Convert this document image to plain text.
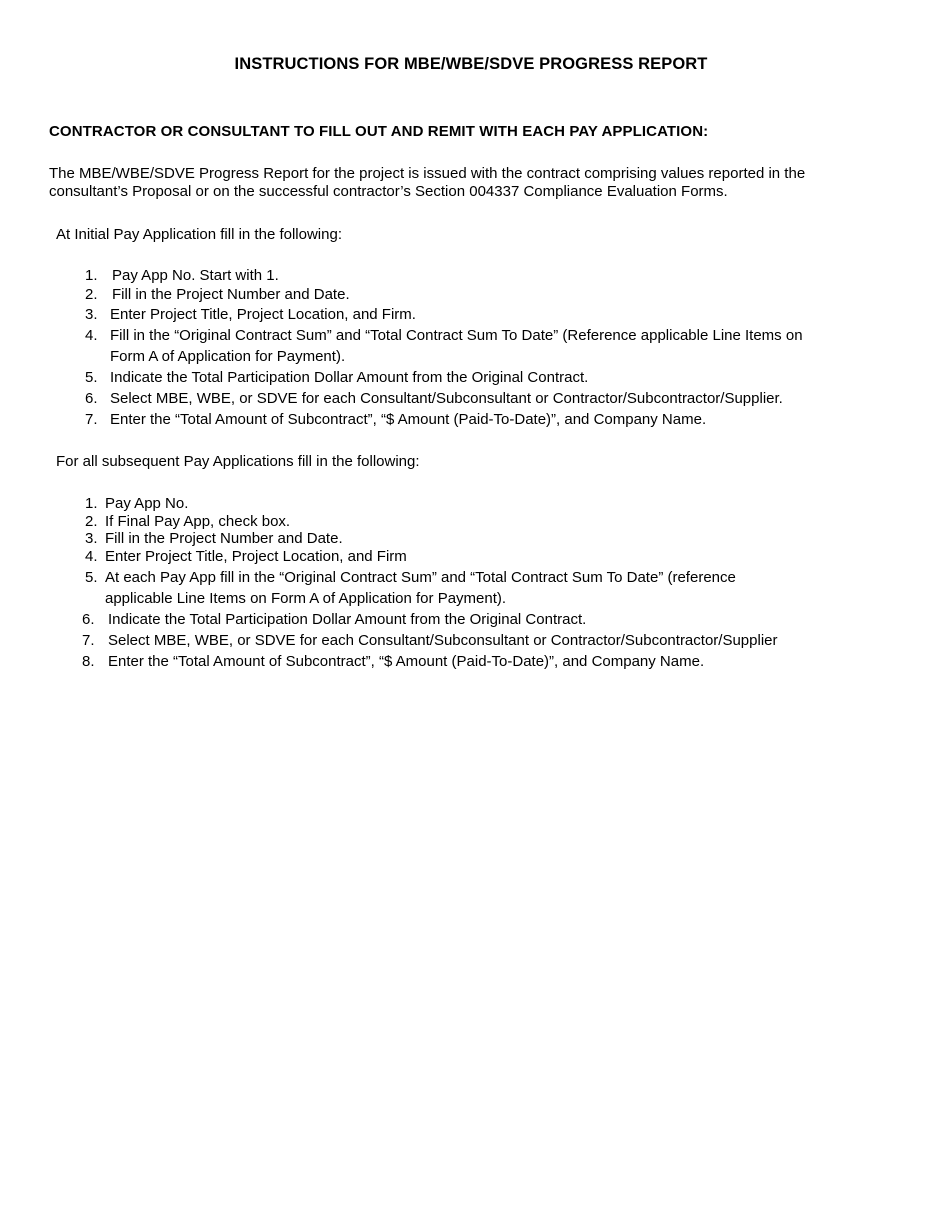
INSTRUCTIONS FOR MBE/WBE/SDVE PROGRESS REPORT
CONTRACTOR OR CONSULTANT TO FILL OUT AND REMIT WITH EACH PAY APPLICATION:
The MBE/WBE/SDVE Progress Report for the project is issued with the contract comprising values reported in the
consultant’s Proposal or on the successful contractor’s Section 004337 Compliance Evaluation Forms.
At Initial Pay Application fill in the following:
1. Pay App No. Start with 1.
2. Fill in the Project Number and Date.
3. Enter Project Title, Project Location, and Firm.
4. Fill in the “Original Contract Sum” and “Total Contract Sum To Date” (Reference applicable Line Items on
Form A of Application for Payment).
5. Indicate the Total Participation Dollar Amount from the Original Contract.
6. Select MBE, WBE, or SDVE for each Consultant/Subconsultant or Contractor/Subcontractor/Supplier.
7. Enter the “Total Amount of Subcontract”, “$ Amount (Paid-To-Date)”, and Company Name.
For all subsequent Pay Applications fill in the following:
1. Pay App No.
2. If Final Pay App, check box.
3. Fill in the Project Number and Date.
4. Enter Project Title, Project Location, and Firm
5. At each Pay App fill in the “Original Contract Sum” and “Total Contract Sum To Date” (reference
applicable Line Items on Form A of Application for Payment).
6. Indicate the Total Participation Dollar Amount from the Original Contract.
7. Select MBE, WBE, or SDVE for each Consultant/Subconsultant or Contractor/Subcontractor/Supplier
8. Enter the “Total Amount of Subcontract”, “$ Amount (Paid-To-Date)”, and Company Name.
